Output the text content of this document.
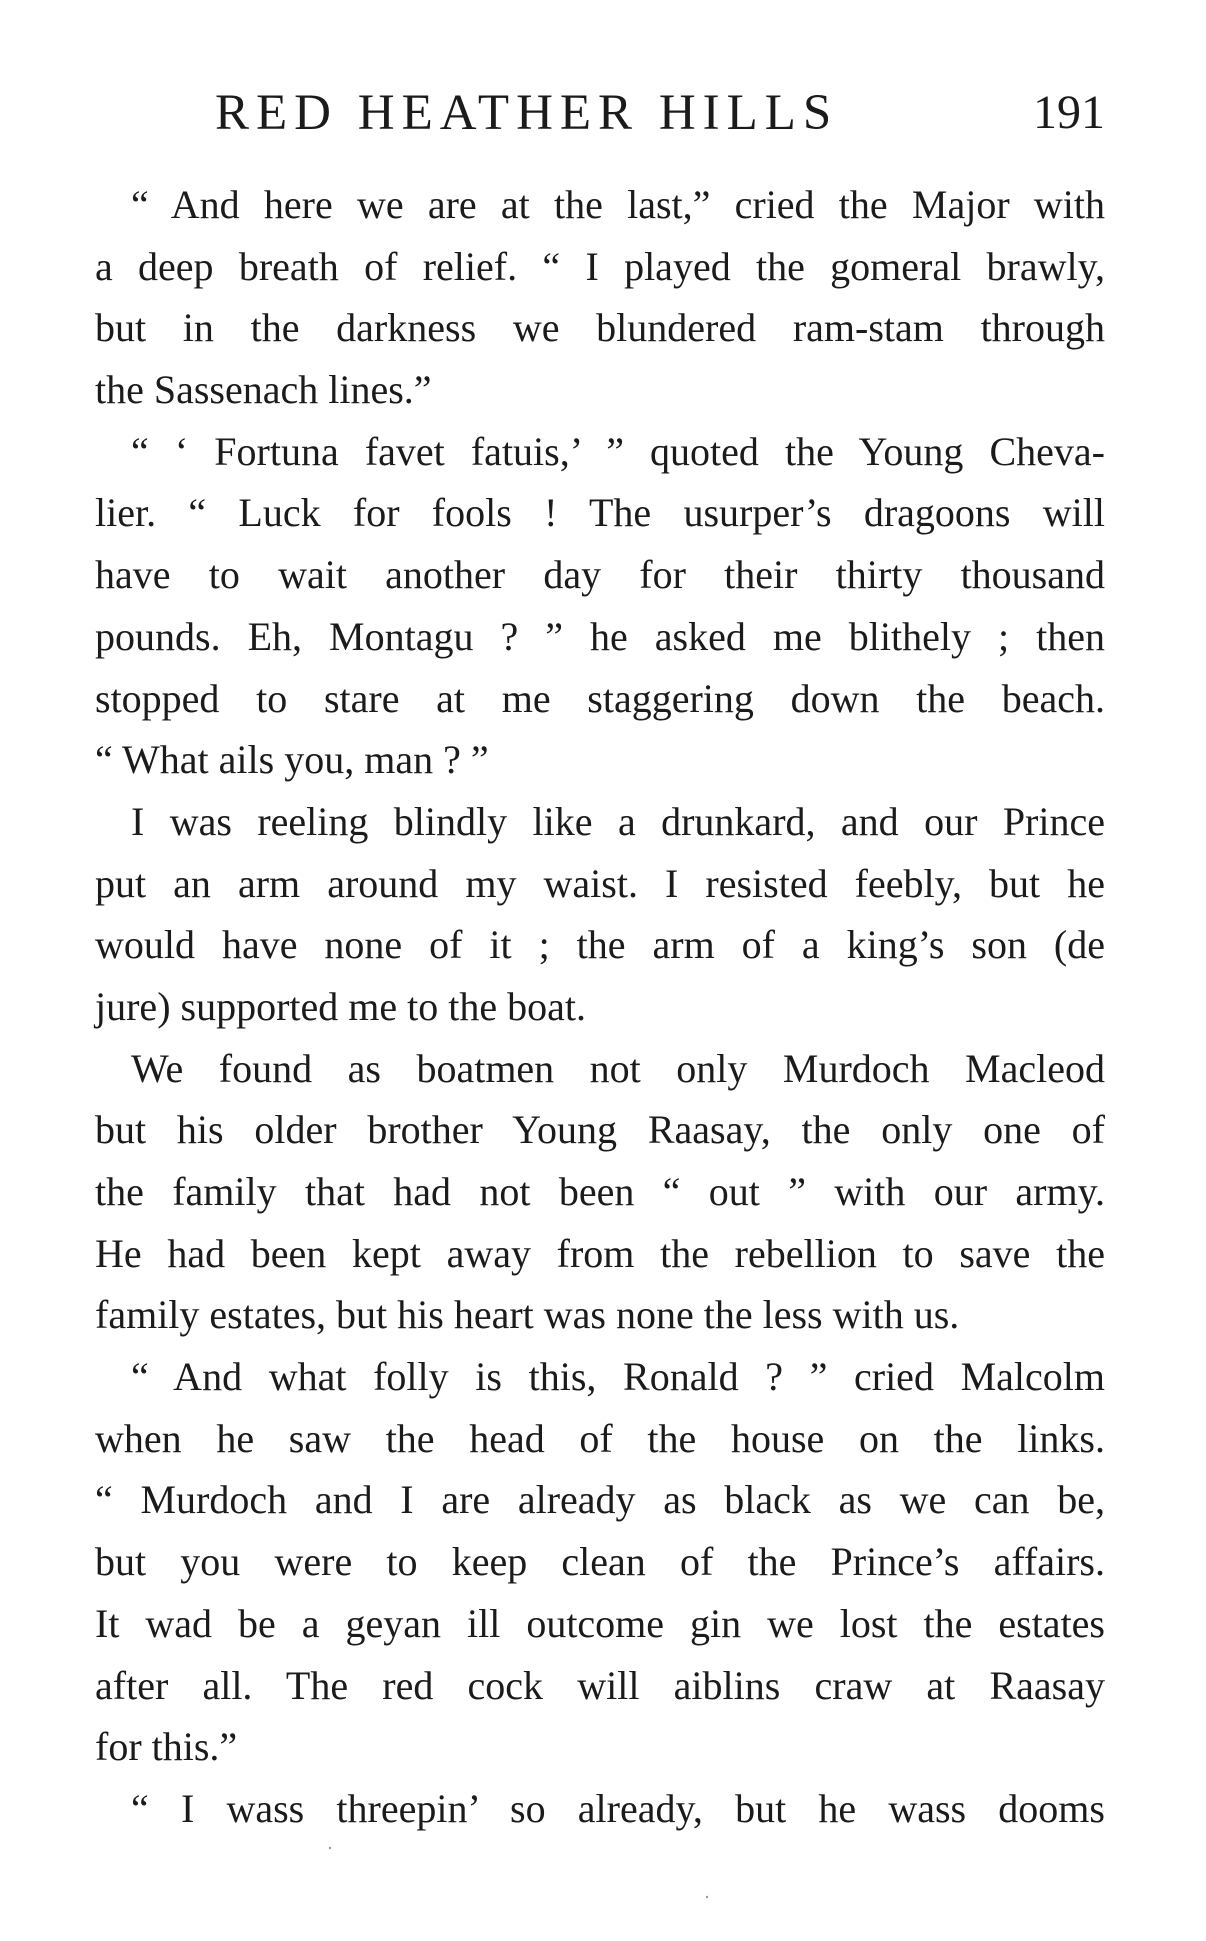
RED HEATHER HILLS	191
“ And here we are at the last,” cried the Major with
a deep breath of relief. “ I played the gomeral brawly,
but in the darkness we blundered ram-stam through
the Sassenach lines.”
“ ‘ Fortuna favet fatuis,’ ” quoted the Young Cheva-
lier. “ Luck for fools ! The usurper’s dragoons will
have to wait another day for their thirty thousand
pounds. Eh, Montagu ? ” he asked me blithely ; then
stopped to stare at me staggering down the beach.
“ What ails you, man ? ”
I was reeling blindly like a drunkard, and our Prince
put an arm around my waist. I resisted feebly, but he
would have none of it ; the arm of a king’s son (de
jure) supported me to the boat.
We found as boatmen not only Murdoch Macleod
but his older brother Young Raasay, the only one of
the family that had not been “ out ” with our army.
He had been kept away from the rebellion to save the
family estates, but his heart was none the less with us.
“ And what folly is this, Ronald ? ” cried Malcolm
when he saw the head of the house on the links.
“ Murdoch and I are already as black as we can be,
but you were to keep clean of the Prince’s affairs.
It wad be a geyan ill outcome gin we lost the estates
after all. The red cock will aiblins craw at Raasay
for this.”
“ I wass threepin’ so already, but he wass dooms
